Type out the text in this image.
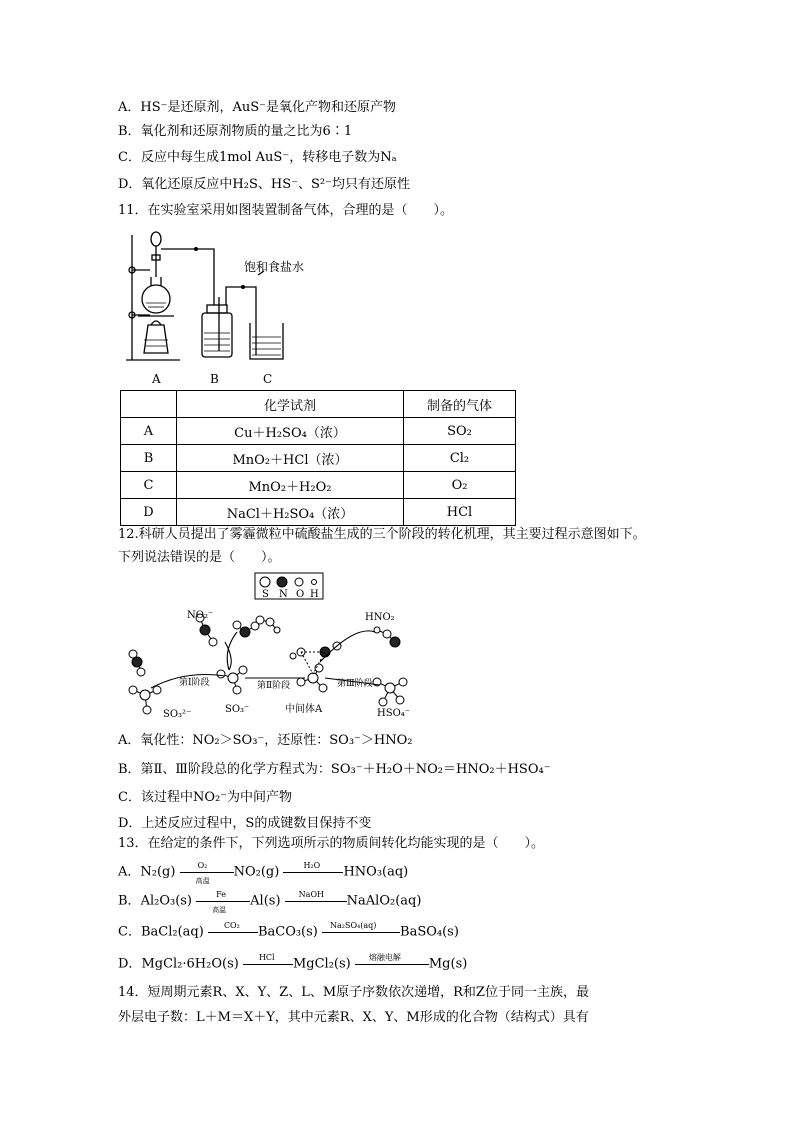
A．HS⁻是还原剂，AuS⁻是氧化产物和还原产物
B．氧化剂和还原剂物质的量之比为6∶1
C．反应中每生成1mol AuS⁻，转移电子数为Nₐ
D．氧化还原反应中H₂S、HS⁻、S²⁻均只有还原性
11．在实验室采用如图装置制备气体，合理的是（　　）。
饱和食盐水
A	B	C
	化学试剂	制备的气体
A	Cu＋H₂SO₄（浓）	SO₂
B	MnO₂＋HCl（浓）	Cl₂
C	MnO₂＋H₂O₂	O₂
D	NaCl＋H₂SO₄（浓）	HCl
12.科研人员提出了雾霾微粒中硫酸盐生成的三个阶段的转化机理，其主要过程示意图如下。
下列说法错误的是（　　）。
S N O H
NO₂⁻	HNO₂
第Ⅰ阶段	第Ⅱ阶段	第Ⅲ阶段
SO₃²⁻	SO₃⁻	中间体A	HSO₄⁻
A．氧化性：NO₂＞SO₃⁻，还原性：SO₃⁻＞HNO₂
B．第Ⅱ、Ⅲ阶段总的化学方程式为：SO₃⁻＋H₂O＋NO₂＝HNO₂＋HSO₄⁻
C．该过程中NO₂⁻为中间产物
D．上述反应过程中，S的成键数目保持不变
13．在给定的条件下，下列选项所示的物质间转化均能实现的是（　　）。
A．N₂(g)	O₂
高温
NO₂(g)	H₂O HNO₃(aq)
B．Al₂O₃(s)	Fe
高温
Al(s) NaOH NaAlO₂(aq)
C．BaCl₂(aq)	CO₂ BaCO₃(s) Na₂SO₄(aq) BaSO₄(s)
D．MgCl₂·6H₂O(s)	HCl MgCl₂(s) 熔融电解 Mg(s)
14．短周期元素R、X、Y、Z、L、M原子序数依次递增，R和Z位于同一主族，最
外层电子数：L＋M＝X＋Y，其中元素R、X、Y、M形成的化合物（结构式）具有
